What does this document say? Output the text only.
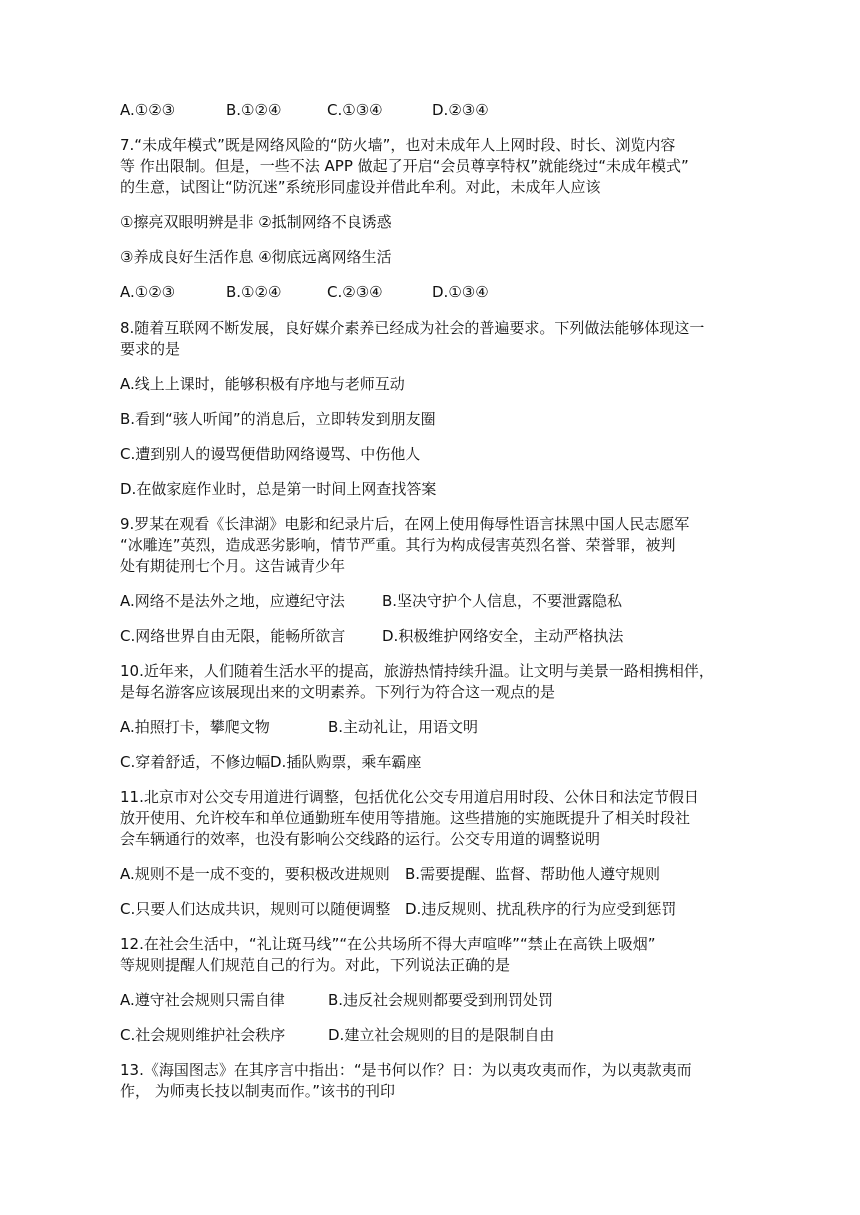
A.①②③	B.①②④	C.①③④	D.②③④
7.“未成年模式”既是网络风险的“防火墙”，也对未成年人上网时段、时长、浏览内容
等 作出限制。但是，一些不法 APP 做起了开启“会员尊享特权”就能绕过“未成年模式”
的生意，试图让“防沉迷”系统形同虚设并借此牟利。对此，未成年人应该
①擦亮双眼明辨是非 ②抵制网络不良诱惑
③养成良好生活作息 ④彻底远离网络生活
A.①②③	B.①②④	C.②③④	D.①③④
8.随着互联网不断发展，良好媒介素养已经成为社会的普遍要求。下列做法能够体现这一
要求的是
A.线上上课时，能够积极有序地与老师互动
B.看到“骇人听闻”的消息后，立即转发到朋友圈
C.遭到别人的谩骂便借助网络谩骂、中伤他人
D.在做家庭作业时，总是第一时间上网查找答案
9.罗某在观看《长津湖》电影和纪录片后，在网上使用侮辱性语言抹黑中国人民志愿军
“冰雕连”英烈，造成恶劣影响，情节严重。其行为构成侵害英烈名誉、荣誉罪，被判
处有期徒刑七个月。这告诫青少年
A.网络不是法外之地，应遵纪守法 B.坚决守护个人信息，不要泄露隐私
C.网络世界自由无限，能畅所欲言 D.积极维护网络安全，主动严格执法
10.近年来，人们随着生活水平的提高，旅游热情持续升温。让文明与美景一路相携相伴，
是每名游客应该展现出来的文明素养。下列行为符合这一观点的是
A.拍照打卡，攀爬文物	B.主动礼让，用语文明
C.穿着舒适，不修边幅 D.插队购票，乘车霸座
11.北京市对公交专用道进行调整，包括优化公交专用道启用时段、公休日和法定节假日
放开使用、允许校车和单位通勤班车使用等措施。这些措施的实施既提升了相关时段社
会车辆通行的效率，也没有影响公交线路的运行。公交专用道的调整说明
A.规则不是一成不变的，要积极改进规则 B.需要提醒、监督、帮助他人遵守规则
C.只要人们达成共识，规则可以随便调整 D.违反规则、扰乱秩序的行为应受到惩罚
12.在社会生活中，“礼让斑马线”“在公共场所不得大声喧哗”“禁止在高铁上吸烟”
等规则提醒人们规范自己的行为。对此，下列说法正确的是
A.遵守社会规则只需自律	B.违反社会规则都要受到刑罚处罚
C.社会规则维护社会秩序	D.建立社会规则的目的是限制自由
13.《海国图志》在其序言中指出：“是书何以作？日：为以夷攻夷而作，为以夷款夷而
作， 为师夷长技以制夷而作。”该书的刊印
